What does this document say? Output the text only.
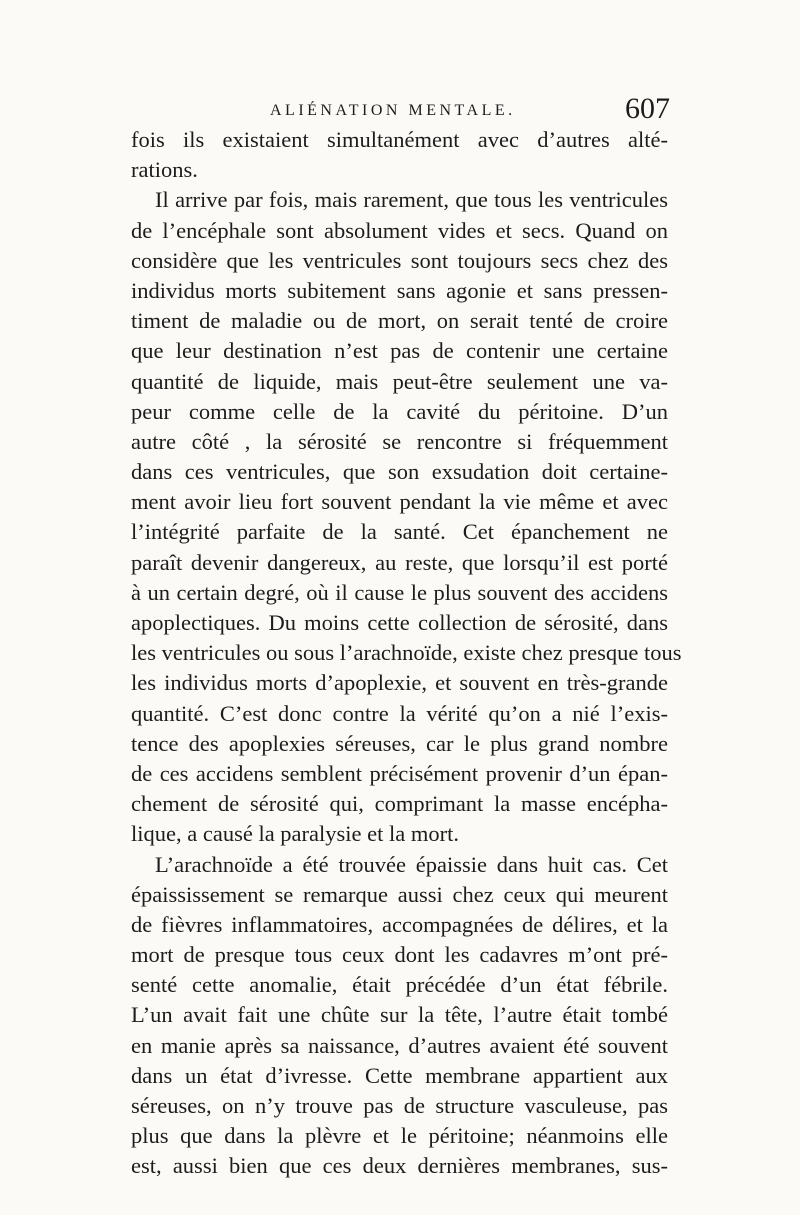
ALIÉNATION MENTALE.	607
fois ils existaient simultanément avec d’autres alté-
rations.
Il arrive par fois, mais rarement, que tous les ventricules
de l’encéphale sont absolument vides et secs. Quand on
considère que les ventricules sont toujours secs chez des
individus morts subitement sans agonie et sans pressen-
timent de maladie ou de mort, on serait tenté de croire
que leur destination n’est pas de contenir une certaine
quantité de liquide, mais peut-être seulement une va-
peur comme celle de la cavité du péritoine. D’un
autre côté , la sérosité se rencontre si fréquemment
dans ces ventricules, que son exsudation doit certaine-
ment avoir lieu fort souvent pendant la vie même et avec
l’intégrité parfaite de la santé. Cet épanchement ne
paraît devenir dangereux, au reste, que lorsqu’il est porté
à un certain degré, où il cause le plus souvent des accidens
apoplectiques. Du moins cette collection de sérosité, dans
les ventricules ou sous l’arachnoïde, existe chez presque tous
les individus morts d’apoplexie, et souvent en très-grande
quantité. C’est donc contre la vérité qu’on a nié l’exis-
tence des apoplexies séreuses, car le plus grand nombre
de ces accidens semblent précisément provenir d’un épan-
chement de sérosité qui, comprimant la masse encépha-
lique, a causé la paralysie et la mort.
L’arachnoïde a été trouvée épaissie dans huit cas. Cet
épaississement se remarque aussi chez ceux qui meurent
de fièvres inflammatoires, accompagnées de délires, et la
mort de presque tous ceux dont les cadavres m’ont pré-
senté cette anomalie, était précédée d’un état fébrile.
L’un avait fait une chûte sur la tête, l’autre était tombé
en manie après sa naissance, d’autres avaient été souvent
dans un état d’ivresse. Cette membrane appartient aux
séreuses, on n’y trouve pas de structure vasculeuse, pas
plus que dans la plèvre et le péritoine; néanmoins elle
est, aussi bien que ces deux dernières membranes, sus-
